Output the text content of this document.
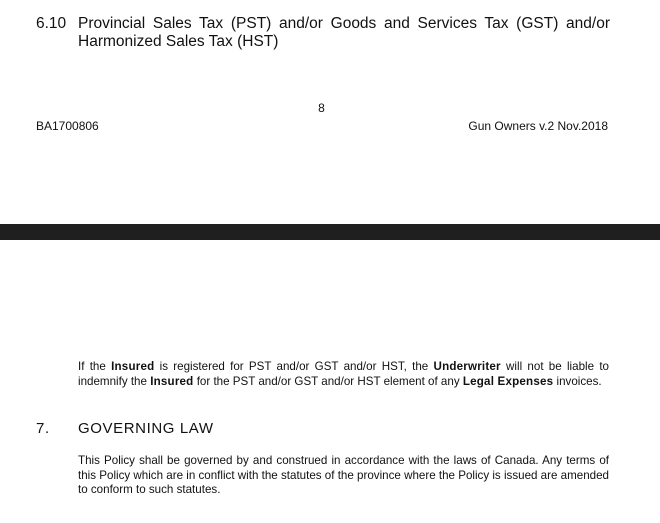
6.10 Provincial Sales Tax (PST) and/or Goods and Services Tax (GST) and/or Harmonized Sales Tax (HST)
8
BA1700806	Gun Owners v.2 Nov.2018
If the Insured is registered for PST and/or GST and/or HST, the Underwriter will not be liable to indemnify the Insured for the PST and/or GST and/or HST element of any Legal Expenses invoices.
7. GOVERNING LAW
This Policy shall be governed by and construed in accordance with the laws of Canada. Any terms of this Policy which are in conflict with the statutes of the province where the Policy is issued are amended to conform to such statutes.
